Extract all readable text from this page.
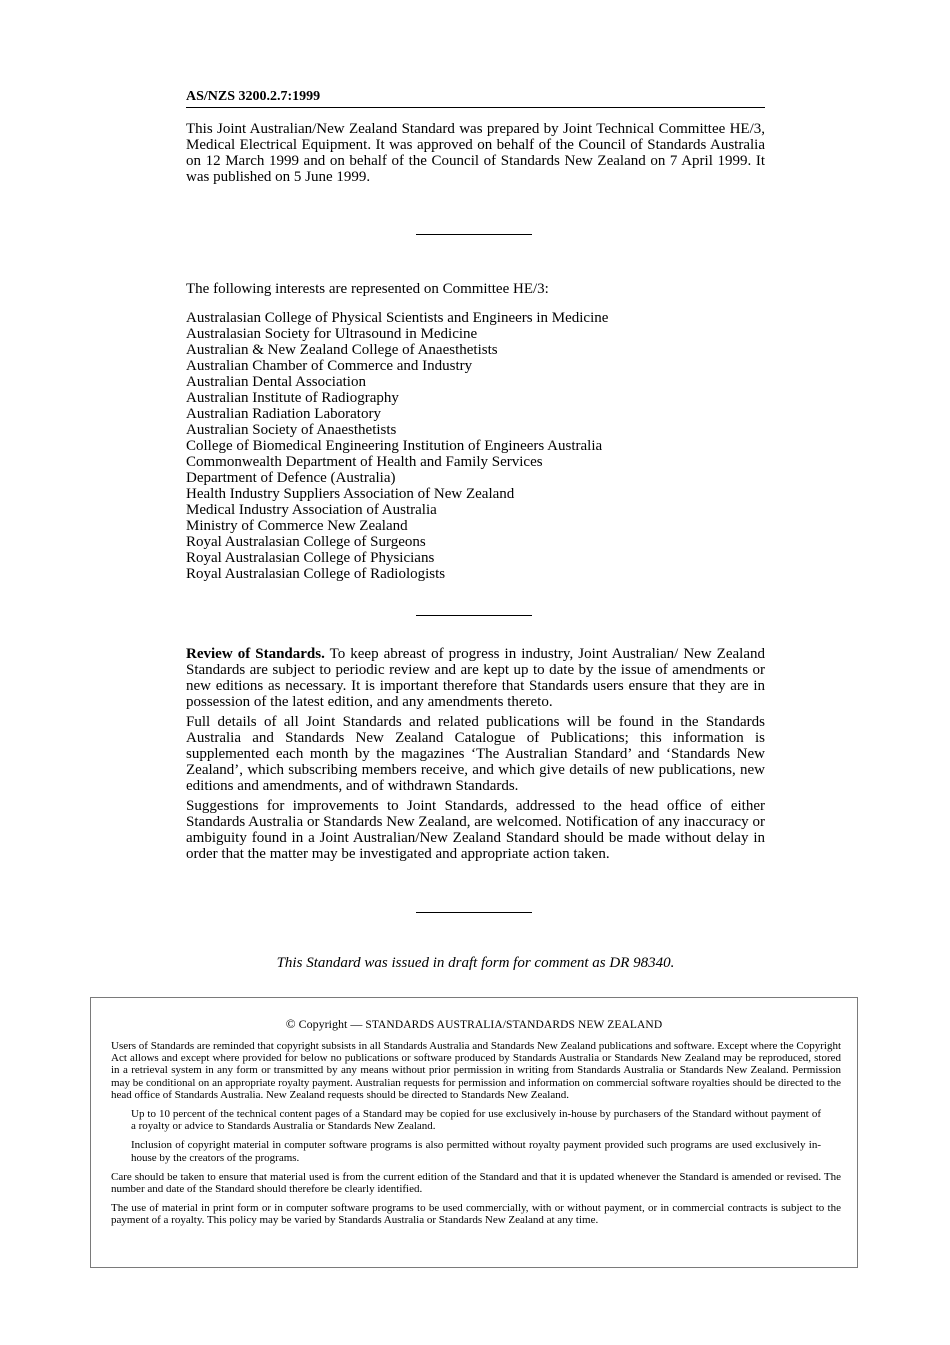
AS/NZS 3200.2.7:1999

This Joint Australian/New Zealand Standard was prepared by Joint Technical Committee HE/3, Medical Electrical Equipment. It was approved on behalf of the Council of Standards Australia on 12 March 1999 and on behalf of the Council of Standards New Zealand on 7 April 1999. It was published on 5 June 1999.

The following interests are represented on Committee HE/3:

Australasian College of Physical Scientists and Engineers in Medicine
Australasian Society for Ultrasound in Medicine
Australian & New Zealand College of Anaesthetists
Australian Chamber of Commerce and Industry
Australian Dental Association
Australian Institute of Radiography
Australian Radiation Laboratory
Australian Society of Anaesthetists
College of Biomedical Engineering Institution of Engineers Australia
Commonwealth Department of Health and Family Services
Department of Defence (Australia)
Health Industry Suppliers Association of New Zealand
Medical Industry Association of Australia
Ministry of Commerce New Zealand
Royal Australasian College of Surgeons
Royal Australasian College of Physicians
Royal Australasian College of Radiologists

Review of Standards. To keep abreast of progress in industry, Joint Australian/ New Zealand Standards are subject to periodic review and are kept up to date by the issue of amendments or new editions as necessary. It is important therefore that Standards users ensure that they are in possession of the latest edition, and any amendments thereto.

Full details of all Joint Standards and related publications will be found in the Standards Australia and Standards New Zealand Catalogue of Publications; this information is supplemented each month by the magazines ‘The Australian Standard’ and ‘Standards New Zealand’, which subscribing members receive, and which give details of new publications, new editions and amendments, and of withdrawn Standards.

Suggestions for improvements to Joint Standards, addressed to the head office of either Standards Australia or Standards New Zealand, are welcomed. Notification of any inaccuracy or ambiguity found in a Joint Australian/New Zealand Standard should be made without delay in order that the matter may be investigated and appropriate action taken.

This Standard was issued in draft form for comment as DR 98340.

© Copyright — STANDARDS AUSTRALIA/STANDARDS NEW ZEALAND

Users of Standards are reminded that copyright subsists in all Standards Australia and Standards New Zealand publications and software. Except where the Copyright Act allows and except where provided for below no publications or software produced by Standards Australia or Standards New Zealand may be reproduced, stored in a retrieval system in any form or transmitted by any means without prior permission in writing from Standards Australia or Standards New Zealand. Permission may be conditional on an appropriate royalty payment. Australian requests for permission and information on commercial software royalties should be directed to the head office of Standards Australia. New Zealand requests should be directed to Standards New Zealand.

Up to 10 percent of the technical content pages of a Standard may be copied for use exclusively in-house by purchasers of the Standard without payment of a royalty or advice to Standards Australia or Standards New Zealand.

Inclusion of copyright material in computer software programs is also permitted without royalty payment provided such programs are used exclusively in-house by the creators of the programs.

Care should be taken to ensure that material used is from the current edition of the Standard and that it is updated whenever the Standard is amended or revised. The number and date of the Standard should therefore be clearly identified.

The use of material in print form or in computer software programs to be used commercially, with or without payment, or in commercial contracts is subject to the payment of a royalty. This policy may be varied by Standards Australia or Standards New Zealand at any time.
